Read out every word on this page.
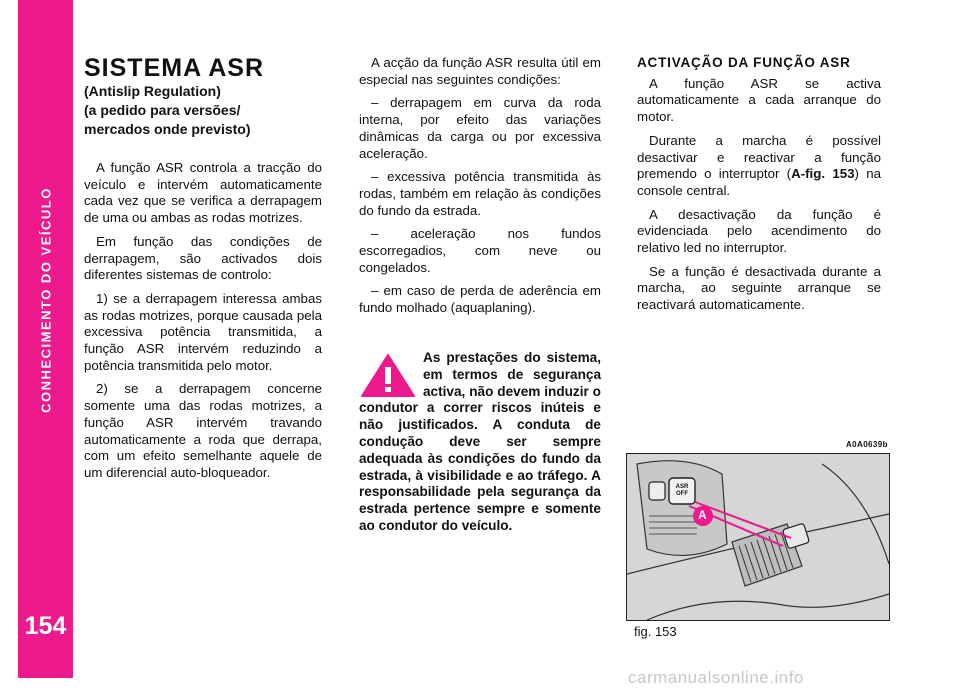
CONHECIMENTO DO VEÍCULO
154
SISTEMA ASR
(Antislip Regulation)
(a pedido para versões/
mercados onde previsto)

A função ASR controla a tracção do veículo e intervém automaticamente cada vez que se verifica a derrapagem de uma ou ambas as rodas motrizes.

Em função das condições de derrapagem, são activados dois diferentes sistemas de controlo:

1) se a derrapagem interessa ambas as rodas motrizes, porque causada pela excessiva potência transmitida, a função ASR intervém reduzindo a potência transmitida pelo motor.

2) se a derrapagem concerne somente uma das rodas motrizes, a função ASR intervém travando automaticamente a roda que derrapa, com um efeito semelhante aquele de um diferencial auto-bloqueador.

A acção da função ASR resulta útil em especial nas seguintes condições:

– derrapagem em curva da roda interna, por efeito das variações dinâmicas da carga ou por excessiva aceleração.

– excessiva potência transmitida às rodas, também em relação às condições do fundo da estrada.

– aceleração nos fundos escorregadios, com neve ou congelados.

– em caso de perda de aderência em fundo molhado (aquaplaning).

As prestações do sistema, em termos de segurança activa, não devem induzir o condutor a correr riscos inúteis e não justificados. A conduta de condução deve ser sempre adequada às condições do fundo da estrada, à visibilidade e ao tráfego. A responsabilidade pela segurança da estrada pertence sempre e somente ao condutor do veículo.
ACTIVAÇÃO DA FUNÇÃO ASR

A função ASR se activa automaticamente a cada arranque do motor.

Durante a marcha é possível desactivar e reactivar a função premendo o interruptor (A-fig. 153) na console central.

A desactivação da função é evidenciada pelo acendimento do relativo led no interruptor.

Se a função é desactivada durante a marcha, ao seguinte arranque se reactivará automaticamente.

A0A0639b
ASR
OFF
A
fig. 153
carmanualsonline.info
